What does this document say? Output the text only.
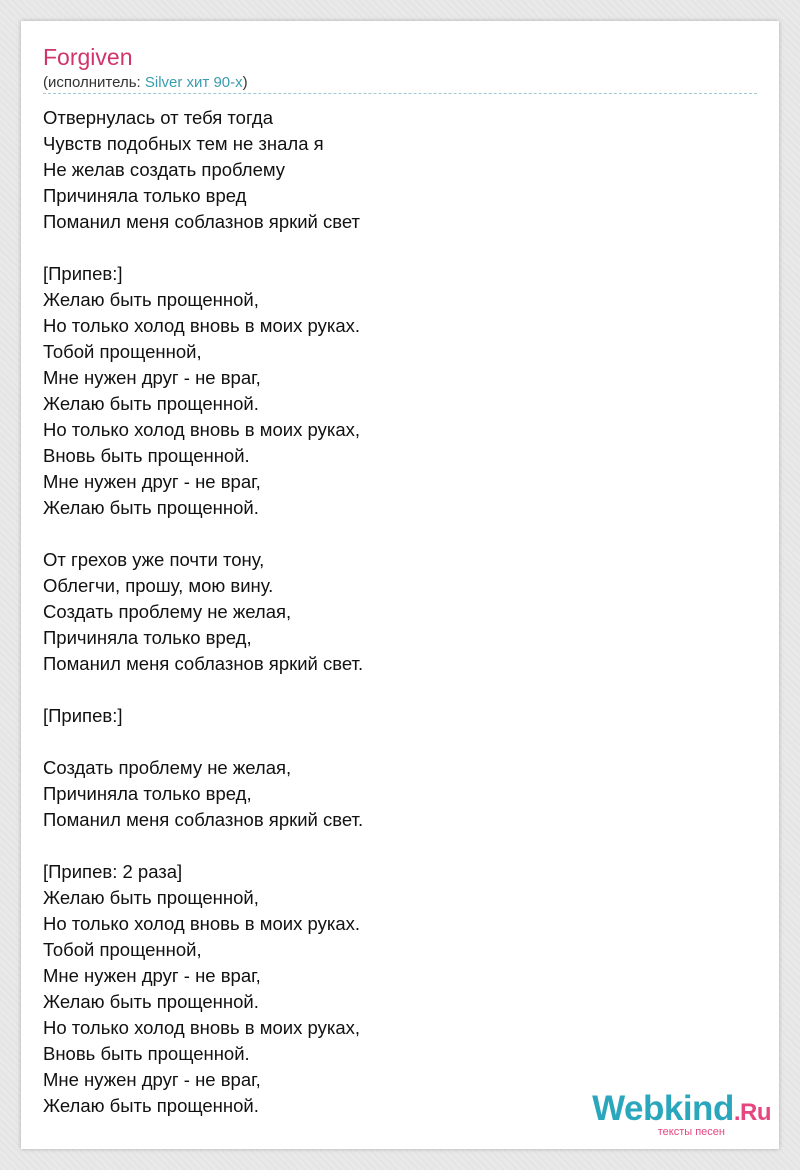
Forgiven
(исполнитель: Silver хит 90-х)
Отвернулась от тебя тогда
Чувств подобных тем не знала я
Не желав создать проблему
Причиняла только вред
Поманил меня соблазнов яркий свет
[Припев:]
Желаю быть прощенной,
Но только холод вновь в моих руках.
Тобой прощенной,
Мне нужен друг - не враг,
Желаю быть прощенной.
Но только холод вновь в моих руках,
Вновь быть прощенной.
Мне нужен друг - не враг,
Желаю быть прощенной.
От грехов уже почти тону,
Облегчи, прошу, мою вину.
Создать проблему не желая,
Причиняла только вред,
Поманил меня соблазнов яркий свет.
[Припев:]
Создать проблему не желая,
Причиняла только вред,
Поманил меня соблазнов яркий свет.
[Припев: 2 раза]
Желаю быть прощенной,
Но только холод вновь в моих руках.
Тобой прощенной,
Мне нужен друг - не враг,
Желаю быть прощенной.
Но только холод вновь в моих руках,
Вновь быть прощенной.
Мне нужен друг - не враг,
Желаю быть прощенной.	Webkind.Ru
тексты песен
